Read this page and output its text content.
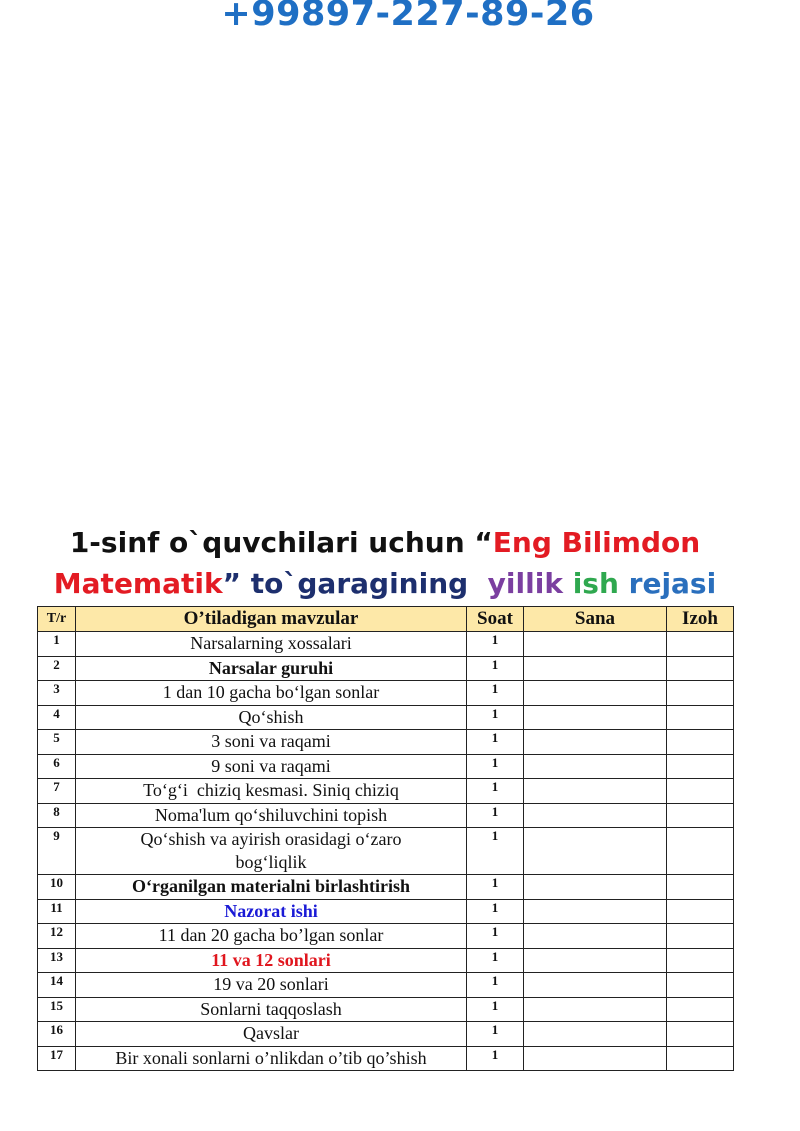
+99897-227-89-26
1-sinf o`quvchilari uchun “Eng Bilimdon
Matematik” to`garagining yillik ish rejasi
T/r	O’tiladigan mavzular	Soat	Sana	Izoh
1	Narsalarning xossalari	1		
2	Narsalar guruhi	1		
3	1 dan 10 gacha bo‘lgan sonlar	1		
4	Qo‘shish	1		
5	3 soni va raqami	1		
6	9 soni va raqami	1		
7	To‘g‘i  chiziq kesmasi. Siniq chiziq	1		
8	Noma'lum qo‘shiluvchini topish	1		
9	Qo‘shish va ayirish orasidagi o‘zaro bog‘liqlik	1		
10	O‘rganilgan materialni birlashtirish	1		
11	Nazorat ishi	1		
12	11 dan 20 gacha bo’lgan sonlar	1		
13	11 va 12 sonlari	1		
14	19 va 20 sonlari	1		
15	Sonlarni taqqoslash	1		
16	Qavslar	1		
17	Bir xonali sonlarni o’nlikdan o’tib qo’shish	1		
